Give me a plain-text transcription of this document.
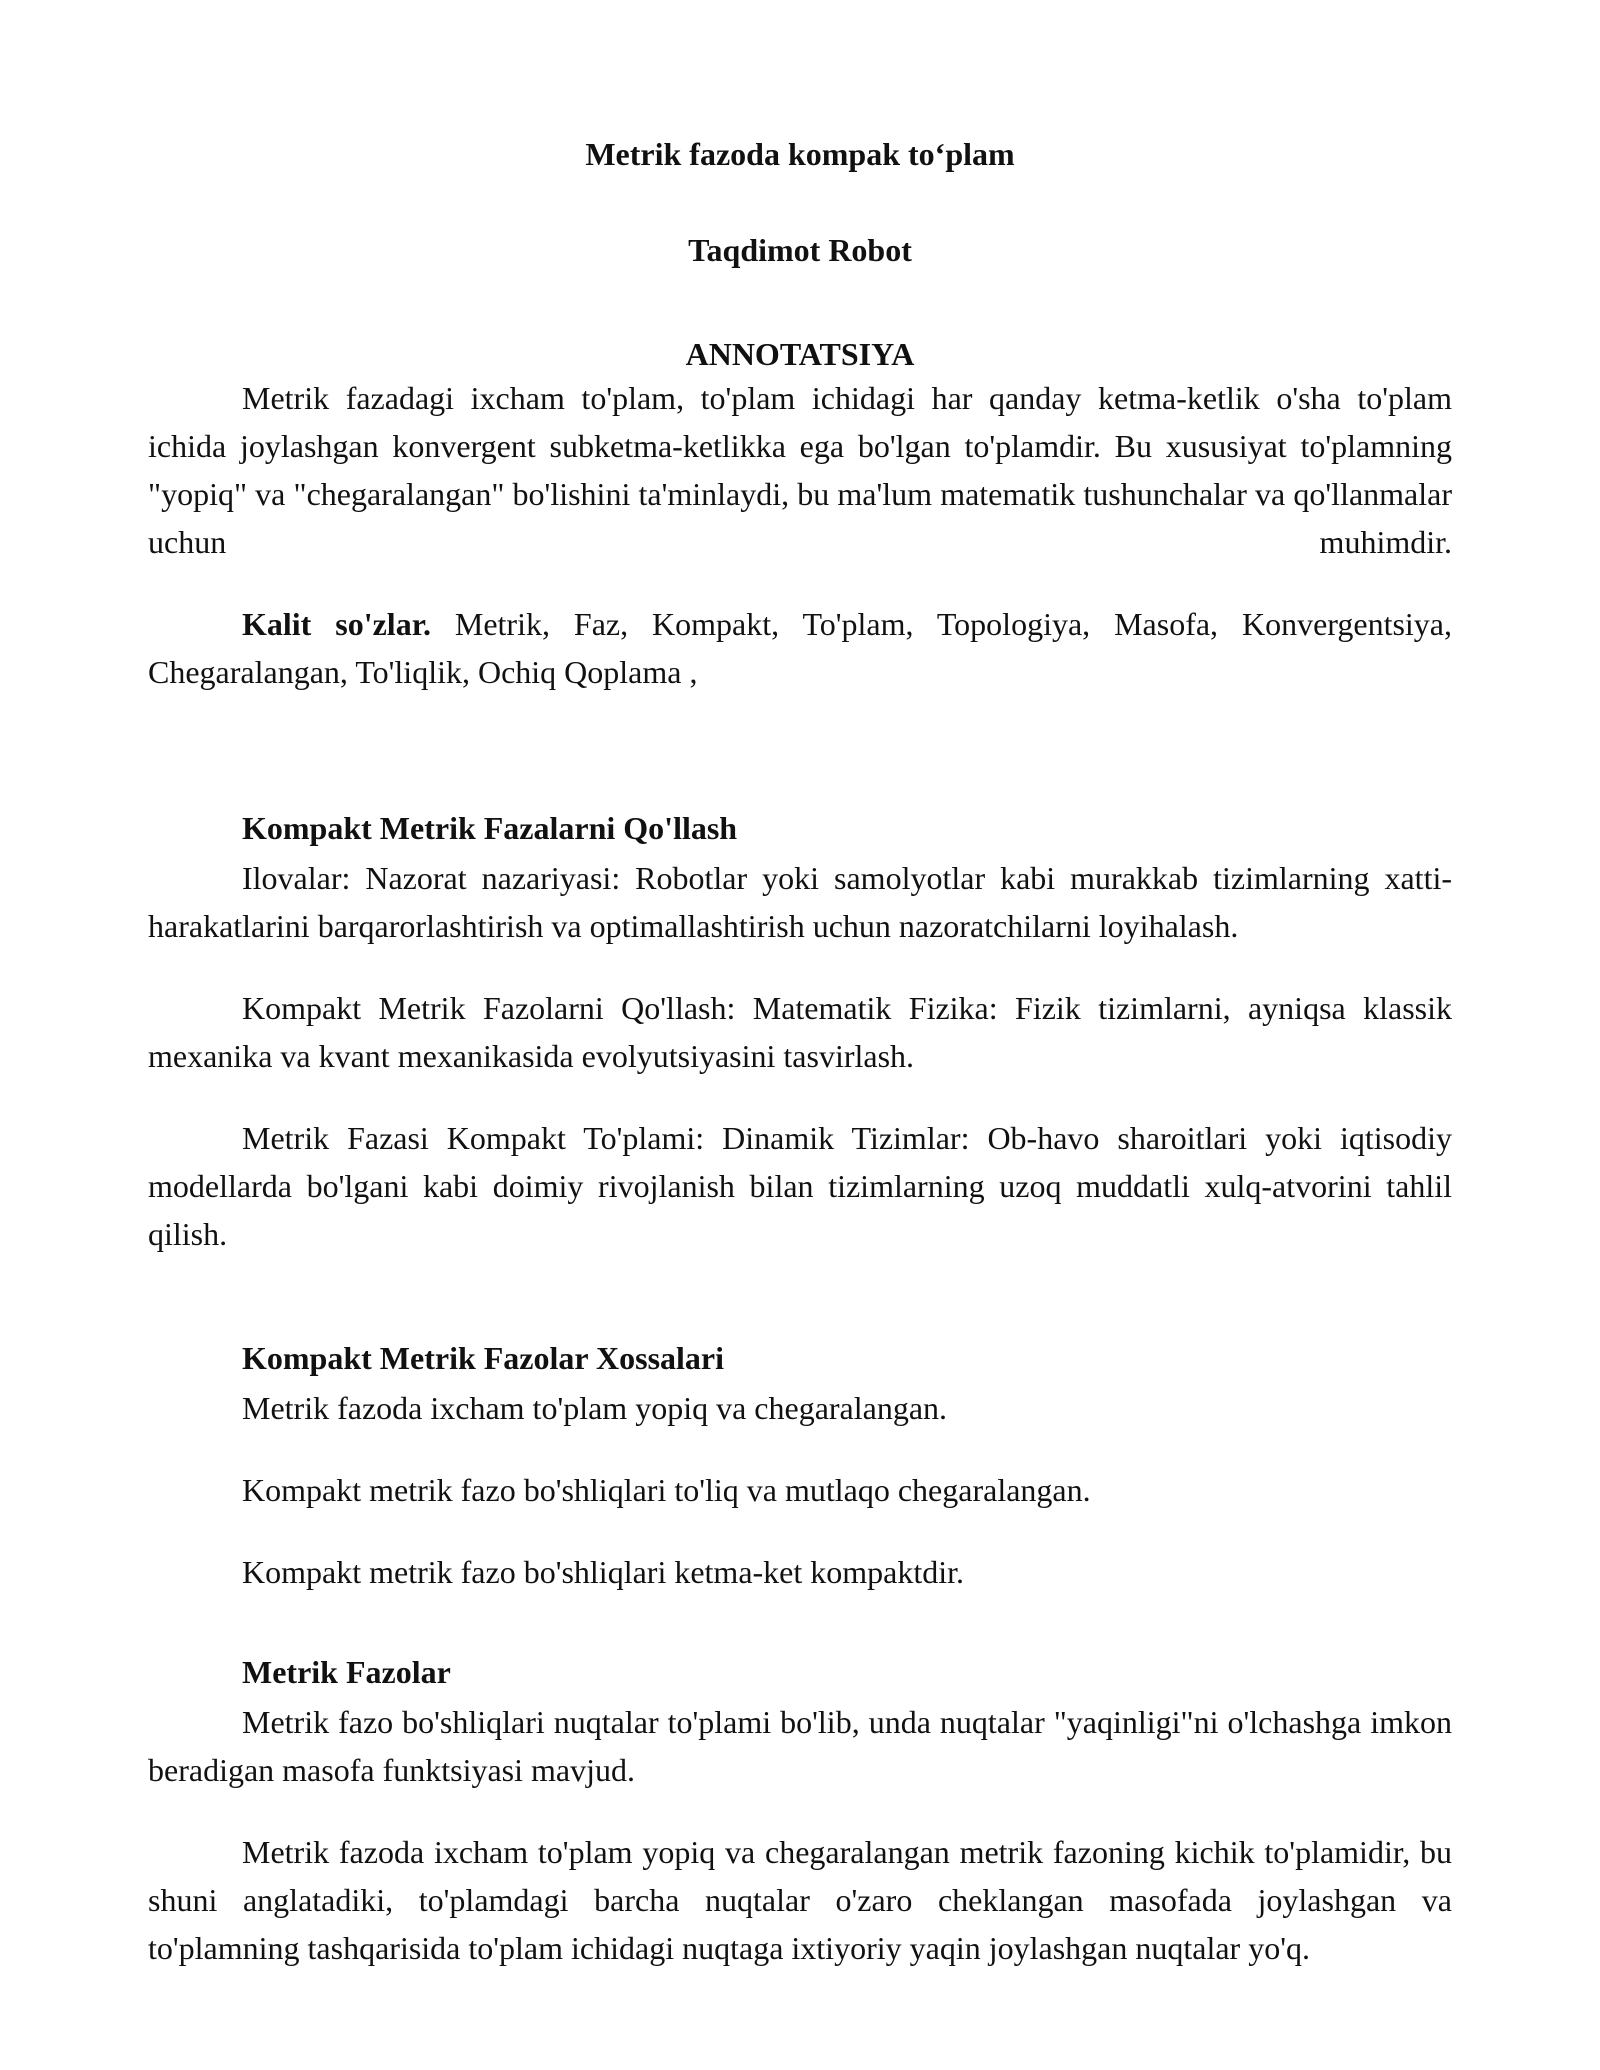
Metrik fazoda kompak to‘plam
Taqdimot Robot
ANNOTATSIYA

Metrik fazadagi ixcham to'plam, to'plam ichidagi har qanday ketma-ketlik o'sha to'plam ichida joylashgan konvergent subketma-ketlikka ega bo'lgan to'plamdir. Bu xususiyat to'plamning "yopiq" va "chegaralangan" bo'lishini ta'minlaydi, bu ma'lum matematik tushunchalar va qo'llanmalar uchun muhimdir.

Kalit so'zlar. Metrik, Faz, Kompakt, To'plam, Topologiya, Masofa, Konvergentsiya, Chegaralangan, To'liqlik, Ochiq Qoplama ,

Kompakt Metrik Fazalarni Qo'llash

Ilovalar: Nazorat nazariyasi: Robotlar yoki samolyotlar kabi murakkab tizimlarning xatti-harakatlarini barqarorlashtirish va optimallashtirish uchun nazoratchilarni loyihalash.

Kompakt Metrik Fazolarni Qo'llash: Matematik Fizika: Fizik tizimlarni, ayniqsa klassik mexanika va kvant mexanikasida evolyutsiyasini tasvirlash.

Metrik Fazasi Kompakt To'plami: Dinamik Tizimlar: Ob-havo sharoitlari yoki iqtisodiy modellarda bo'lgani kabi doimiy rivojlanish bilan tizimlarning uzoq muddatli xulq-atvorini tahlil qilish.

Kompakt Metrik Fazolar Xossalari

Metrik fazoda ixcham to'plam yopiq va chegaralangan.

Kompakt metrik fazo bo'shliqlari to'liq va mutlaqo chegaralangan.

Kompakt metrik fazo bo'shliqlari ketma-ket kompaktdir.

Metrik Fazolar

Metrik fazo bo'shliqlari nuqtalar to'plami bo'lib, unda nuqtalar "yaqinligi"ni o'lchashga imkon beradigan masofa funktsiyasi mavjud.

Metrik fazoda ixcham to'plam yopiq va chegaralangan metrik fazoning kichik to'plamidir, bu shuni anglatadiki, to'plamdagi barcha nuqtalar o'zaro cheklangan masofada joylashgan va to'plamning tashqarisida to'plam ichidagi nuqtaga ixtiyoriy yaqin joylashgan nuqtalar yo'q.
